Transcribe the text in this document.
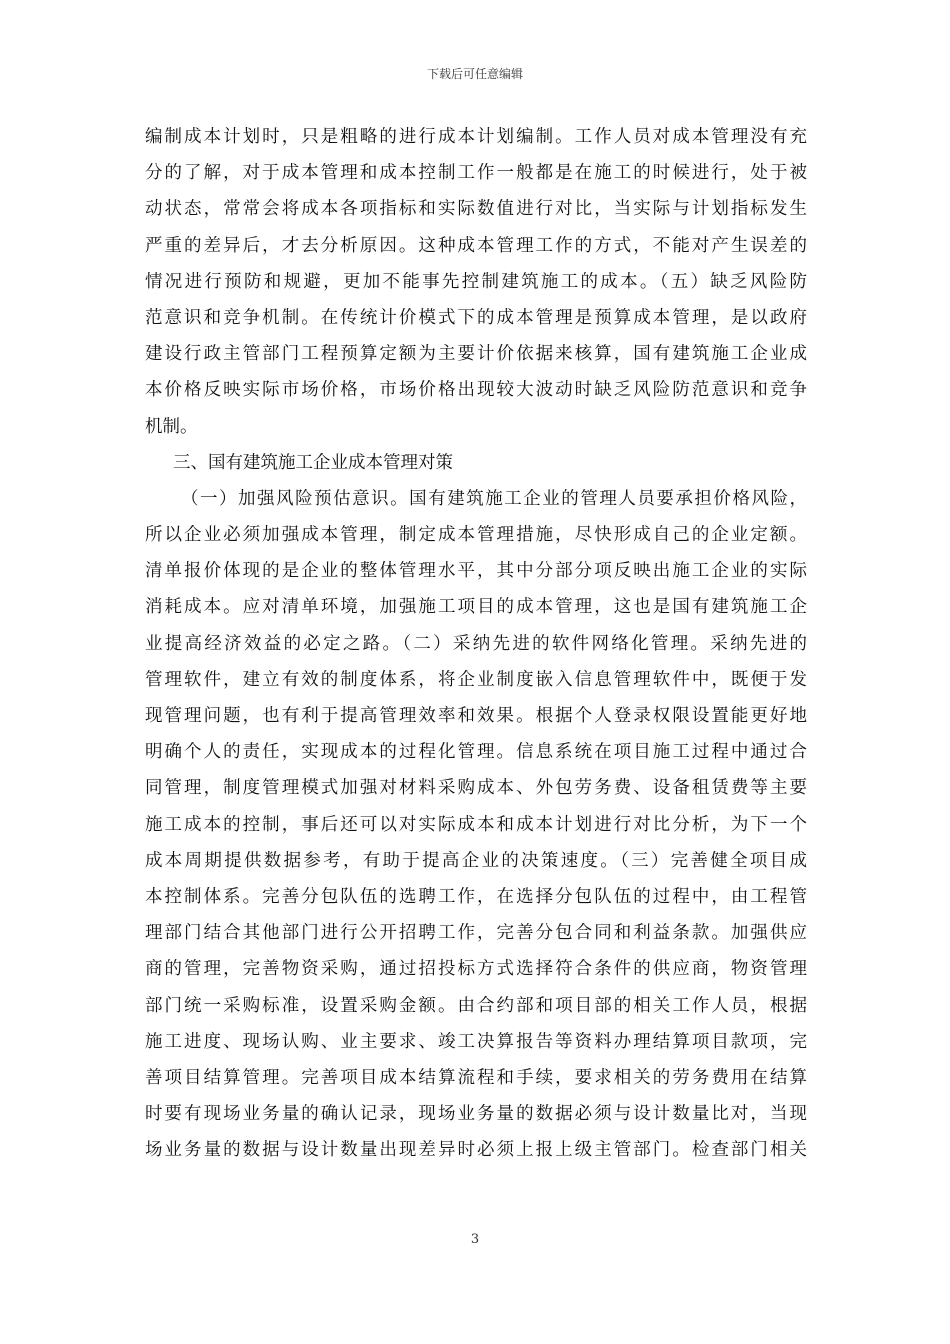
下载后可任意编辑
编制成本计划时，只是粗略的进行成本计划编制。工作人员对成本管理没有充
分的了解，对于成本管理和成本控制工作一般都是在施工的时候进行，处于被
动状态，常常会将成本各项指标和实际数值进行对比，当实际与计划指标发生
严重的差异后，才去分析原因。这种成本管理工作的方式，不能对产生误差的
情况进行预防和规避，更加不能事先控制建筑施工的成本。（五）缺乏风险防
范意识和竞争机制。在传统计价模式下的成本管理是预算成本管理，是以政府
建设行政主管部门工程预算定额为主要计价依据来核算，国有建筑施工企业成
本价格反映实际市场价格，市场价格出现较大波动时缺乏风险防范意识和竞争
机制。
三、国有建筑施工企业成本管理对策
（一）加强风险预估意识。国有建筑施工企业的管理人员要承担价格风险，
所以企业必须加强成本管理，制定成本管理措施，尽快形成自己的企业定额。
清单报价体现的是企业的整体管理水平，其中分部分项反映出施工企业的实际
消耗成本。应对清单环境，加强施工项目的成本管理，这也是国有建筑施工企
业提高经济效益的必定之路。（二）采纳先进的软件网络化管理。采纳先进的
管理软件，建立有效的制度体系，将企业制度嵌入信息管理软件中，既便于发
现管理问题，也有利于提高管理效率和效果。根据个人登录权限设置能更好地
明确个人的责任，实现成本的过程化管理。信息系统在项目施工过程中通过合
同管理，制度管理模式加强对材料采购成本、外包劳务费、设备租赁费等主要
施工成本的控制，事后还可以对实际成本和成本计划进行对比分析，为下一个
成本周期提供数据参考，有助于提高企业的决策速度。（三）完善健全项目成
本控制体系。完善分包队伍的选聘工作，在选择分包队伍的过程中，由工程管
理部门结合其他部门进行公开招聘工作，完善分包合同和利益条款。加强供应
商的管理，完善物资采购，通过招投标方式选择符合条件的供应商，物资管理
部门统一采购标准，设置采购金额。由合约部和项目部的相关工作人员，根据
施工进度、现场认购、业主要求、竣工决算报告等资料办理结算项目款项，完
善项目结算管理。完善项目成本结算流程和手续，要求相关的劳务费用在结算
时要有现场业务量的确认记录，现场业务量的数据必须与设计数量比对，当现
场业务量的数据与设计数量出现差异时必须上报上级主管部门。检查部门相关
3
